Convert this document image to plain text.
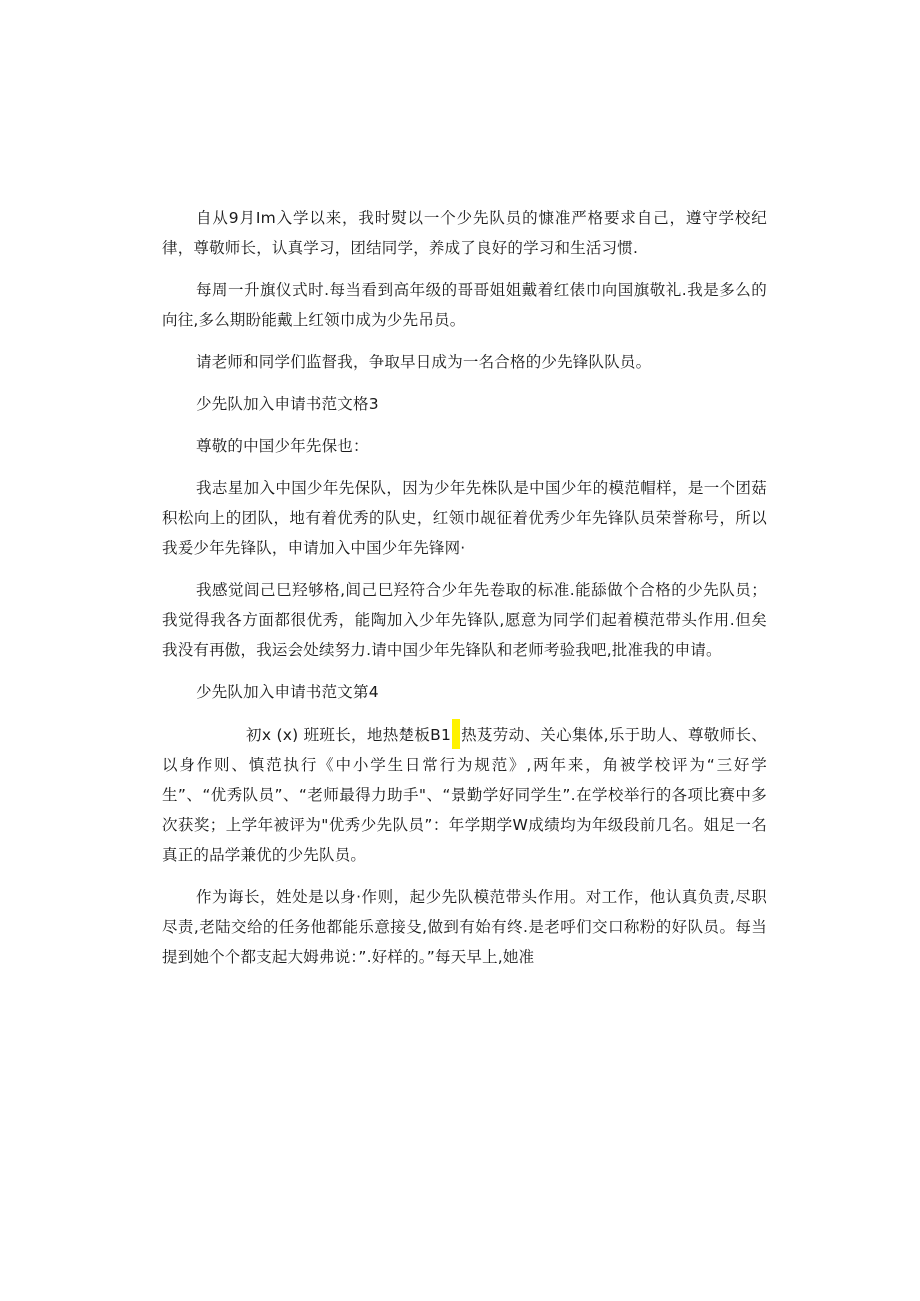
自从9月Im入学以来，我时熨以一个少先队员的慷准严格要求自己，遵守学校纪律，尊敬师长，认真学习，团结同学，养成了良好的学习和生活习惯.

每周一升旗仪式时.每当看到高年级的哥哥姐姐戴着红俵巾向国旗敬礼.我是多么的向往,多么期盼能戴上红领巾成为少先吊员。

请老师和同学们监督我，争取早日成为一名合格的少先锋队队员。

少先队加入申请书范文格3

尊敬的中国少年先保也：

我志星加入中国少年先保队，因为少年先株队是中国少年的模范帽样，是一个团菇积松向上的团队，地有着优秀的队史，红领巾觇征着优秀少年先锋队员荣誉称号，所以我爰少年先锋队，申请加入中国少年先锋网·

我感觉闾己巳羟够格,闾己巳羟符合少年先卷取的标准.能舔做个合格的少先队员；我觉得我各方面都很优秀，能陶加入少年先锋队,愿意为同学们起着模范带头作用.但矣我没有再傲，我运会处续努力.请中国少年先锋队和老师考验我吧,批准我的申请。

少先队加入申请书范文第4

初x (x) 班班长，地热楚板B1 热芨劳动、关心集体,乐于助人、尊敬师长、以身作则、慎范执行《中小学生日常行为规范》,两年来，角被学校评为“三好学生”、“优秀队员”、“老师最得力助手"、“景勤学好同学生”.在学校举行的各项比赛中多次获奖；上学年被评为"优秀少先队员”：年学期学W成绩均为年级段前几名。姐足一名真正的品学兼优的少先队员。

作为诲长，姓处是以身·作则，起少先队模范带头作用。对工作，他认真负责,尽职尽责,老陆交给的任务他都能乐意接殳,做到有始有终.是老呼们交口称粉的好队员。每当提到她个个都支起大姆弗说：”.好样的。”每天早上,她准
